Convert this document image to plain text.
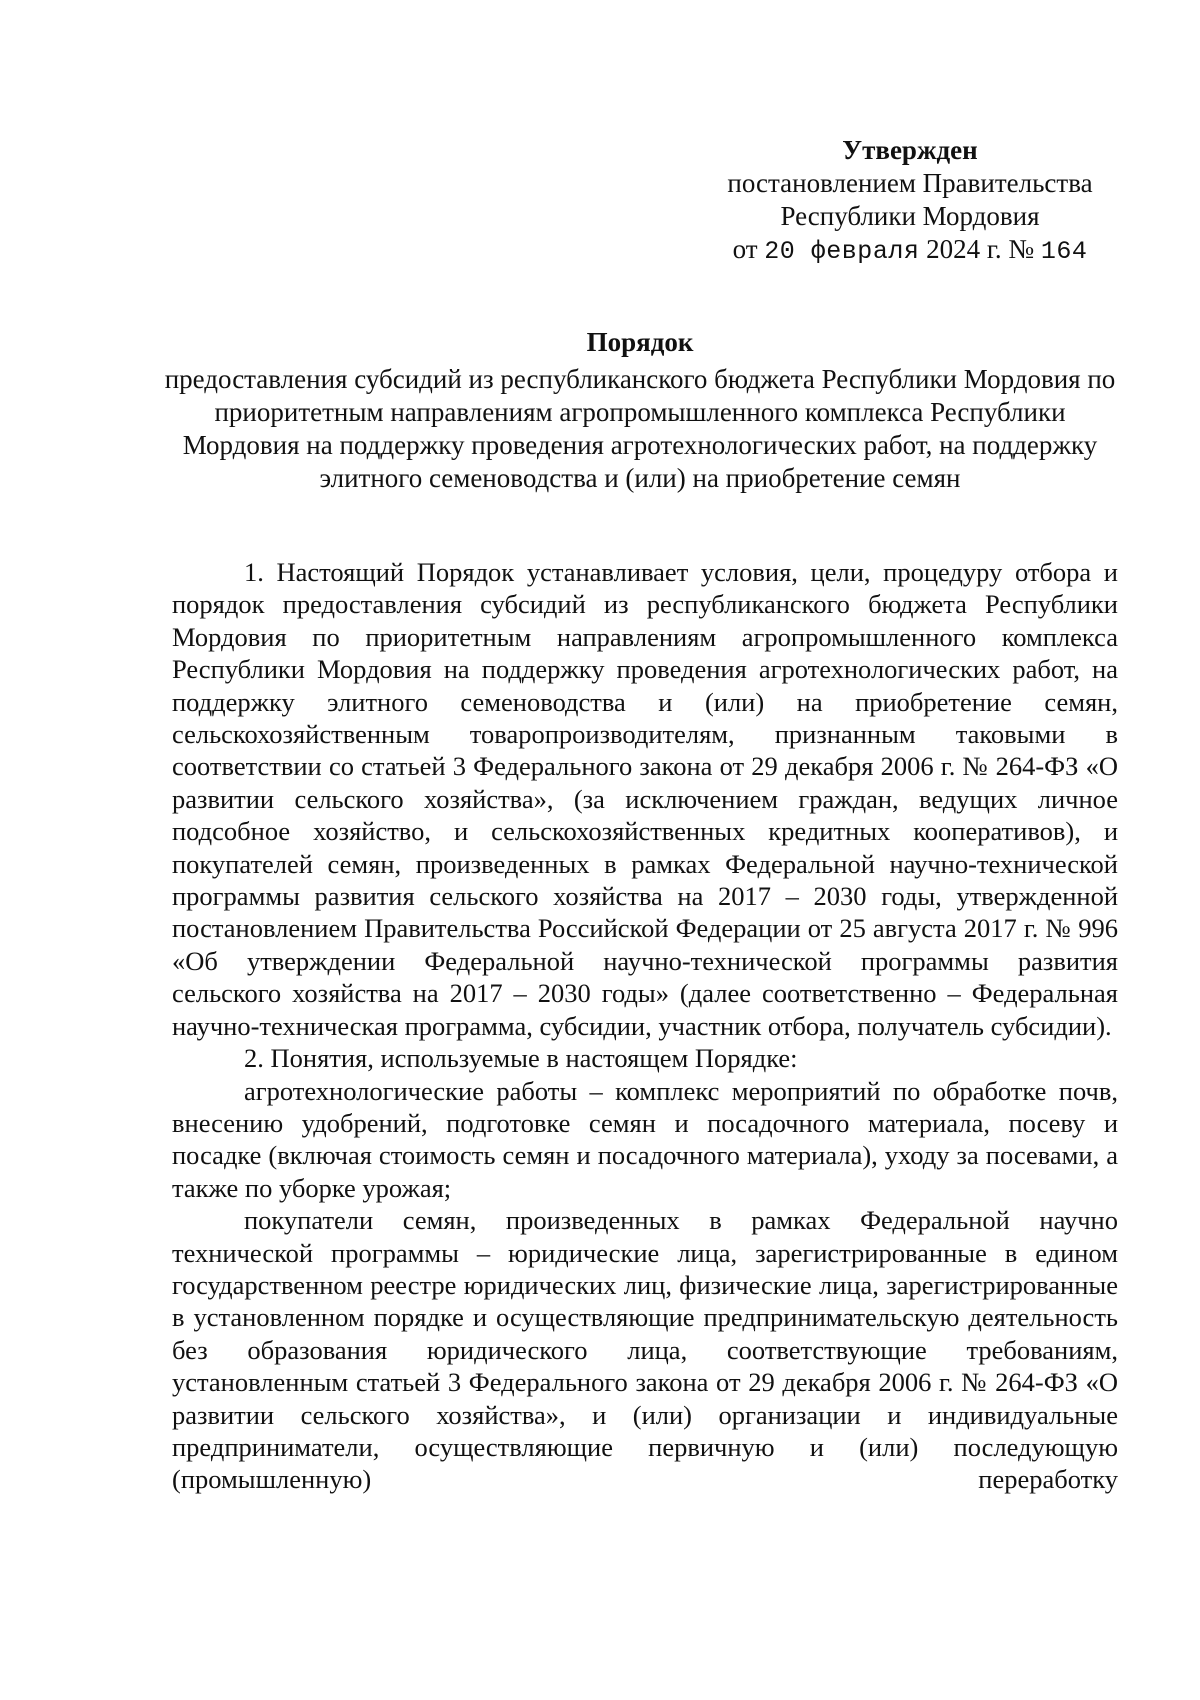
Утвержден
постановлением Правительства
Республики Мордовия
от 20 февраля 2024 г. № 164
Порядок
предоставления субсидий из республиканского бюджета Республики Мордовия по приоритетным направлениям агропромышленного комплекса Республики Мордовия на поддержку проведения агротехнологических работ, на поддержку элитного семеноводства и (или) на приобретение семян

1. Настоящий Порядок устанавливает условия, цели, процедуру отбора и порядок предоставления субсидий из республиканского бюджета Республики Мордовия по приоритетным направлениям агропромышленного комплекса Республики Мордовия на поддержку проведения агротехнологических работ, на поддержку элитного семеноводства и (или) на приобретение семян, сельскохозяйственным товаропроизводителям, признанным таковыми в соответствии со статьей 3 Федерального закона от 29 декабря 2006 г. № 264-ФЗ «О развитии сельского хозяйства», (за исключением граждан, ведущих личное подсобное хозяйство, и сельскохозяйственных кредитных кооперативов), и покупателей семян, произведенных в рамках Федеральной научно-технической программы развития сельского хозяйства на 2017 – 2030 годы, утвержденной постановлением Правительства Российской Федерации от 25 августа 2017 г. № 996 «Об утверждении Федеральной научно-технической программы развития сельского хозяйства на 2017 – 2030 годы» (далее соответственно – Федеральная научно-техническая программа, субсидии, участник отбора, получатель субсидии).

2. Понятия, используемые в настоящем Порядке:

агротехнологические работы – комплекс мероприятий по обработке почв, внесению удобрений, подготовке семян и посадочного материала, посеву и посадке (включая стоимость семян и посадочного материала), уходу за посевами, а также по уборке урожая;

покупатели семян, произведенных в рамках Федеральной научно технической программы – юридические лица, зарегистрированные в едином государственном реестре юридических лиц, физические лица, зарегистрированные в установленном порядке и осуществляющие предпринимательскую деятельность без образования юридического лица, соответствующие требованиям, установленным статьей 3 Федерального закона от 29 декабря 2006 г. № 264-ФЗ «О развитии сельского хозяйства», и (или) организации и индивидуальные предприниматели, осуществляющие первичную и (или) последующую (промышленную) переработку
